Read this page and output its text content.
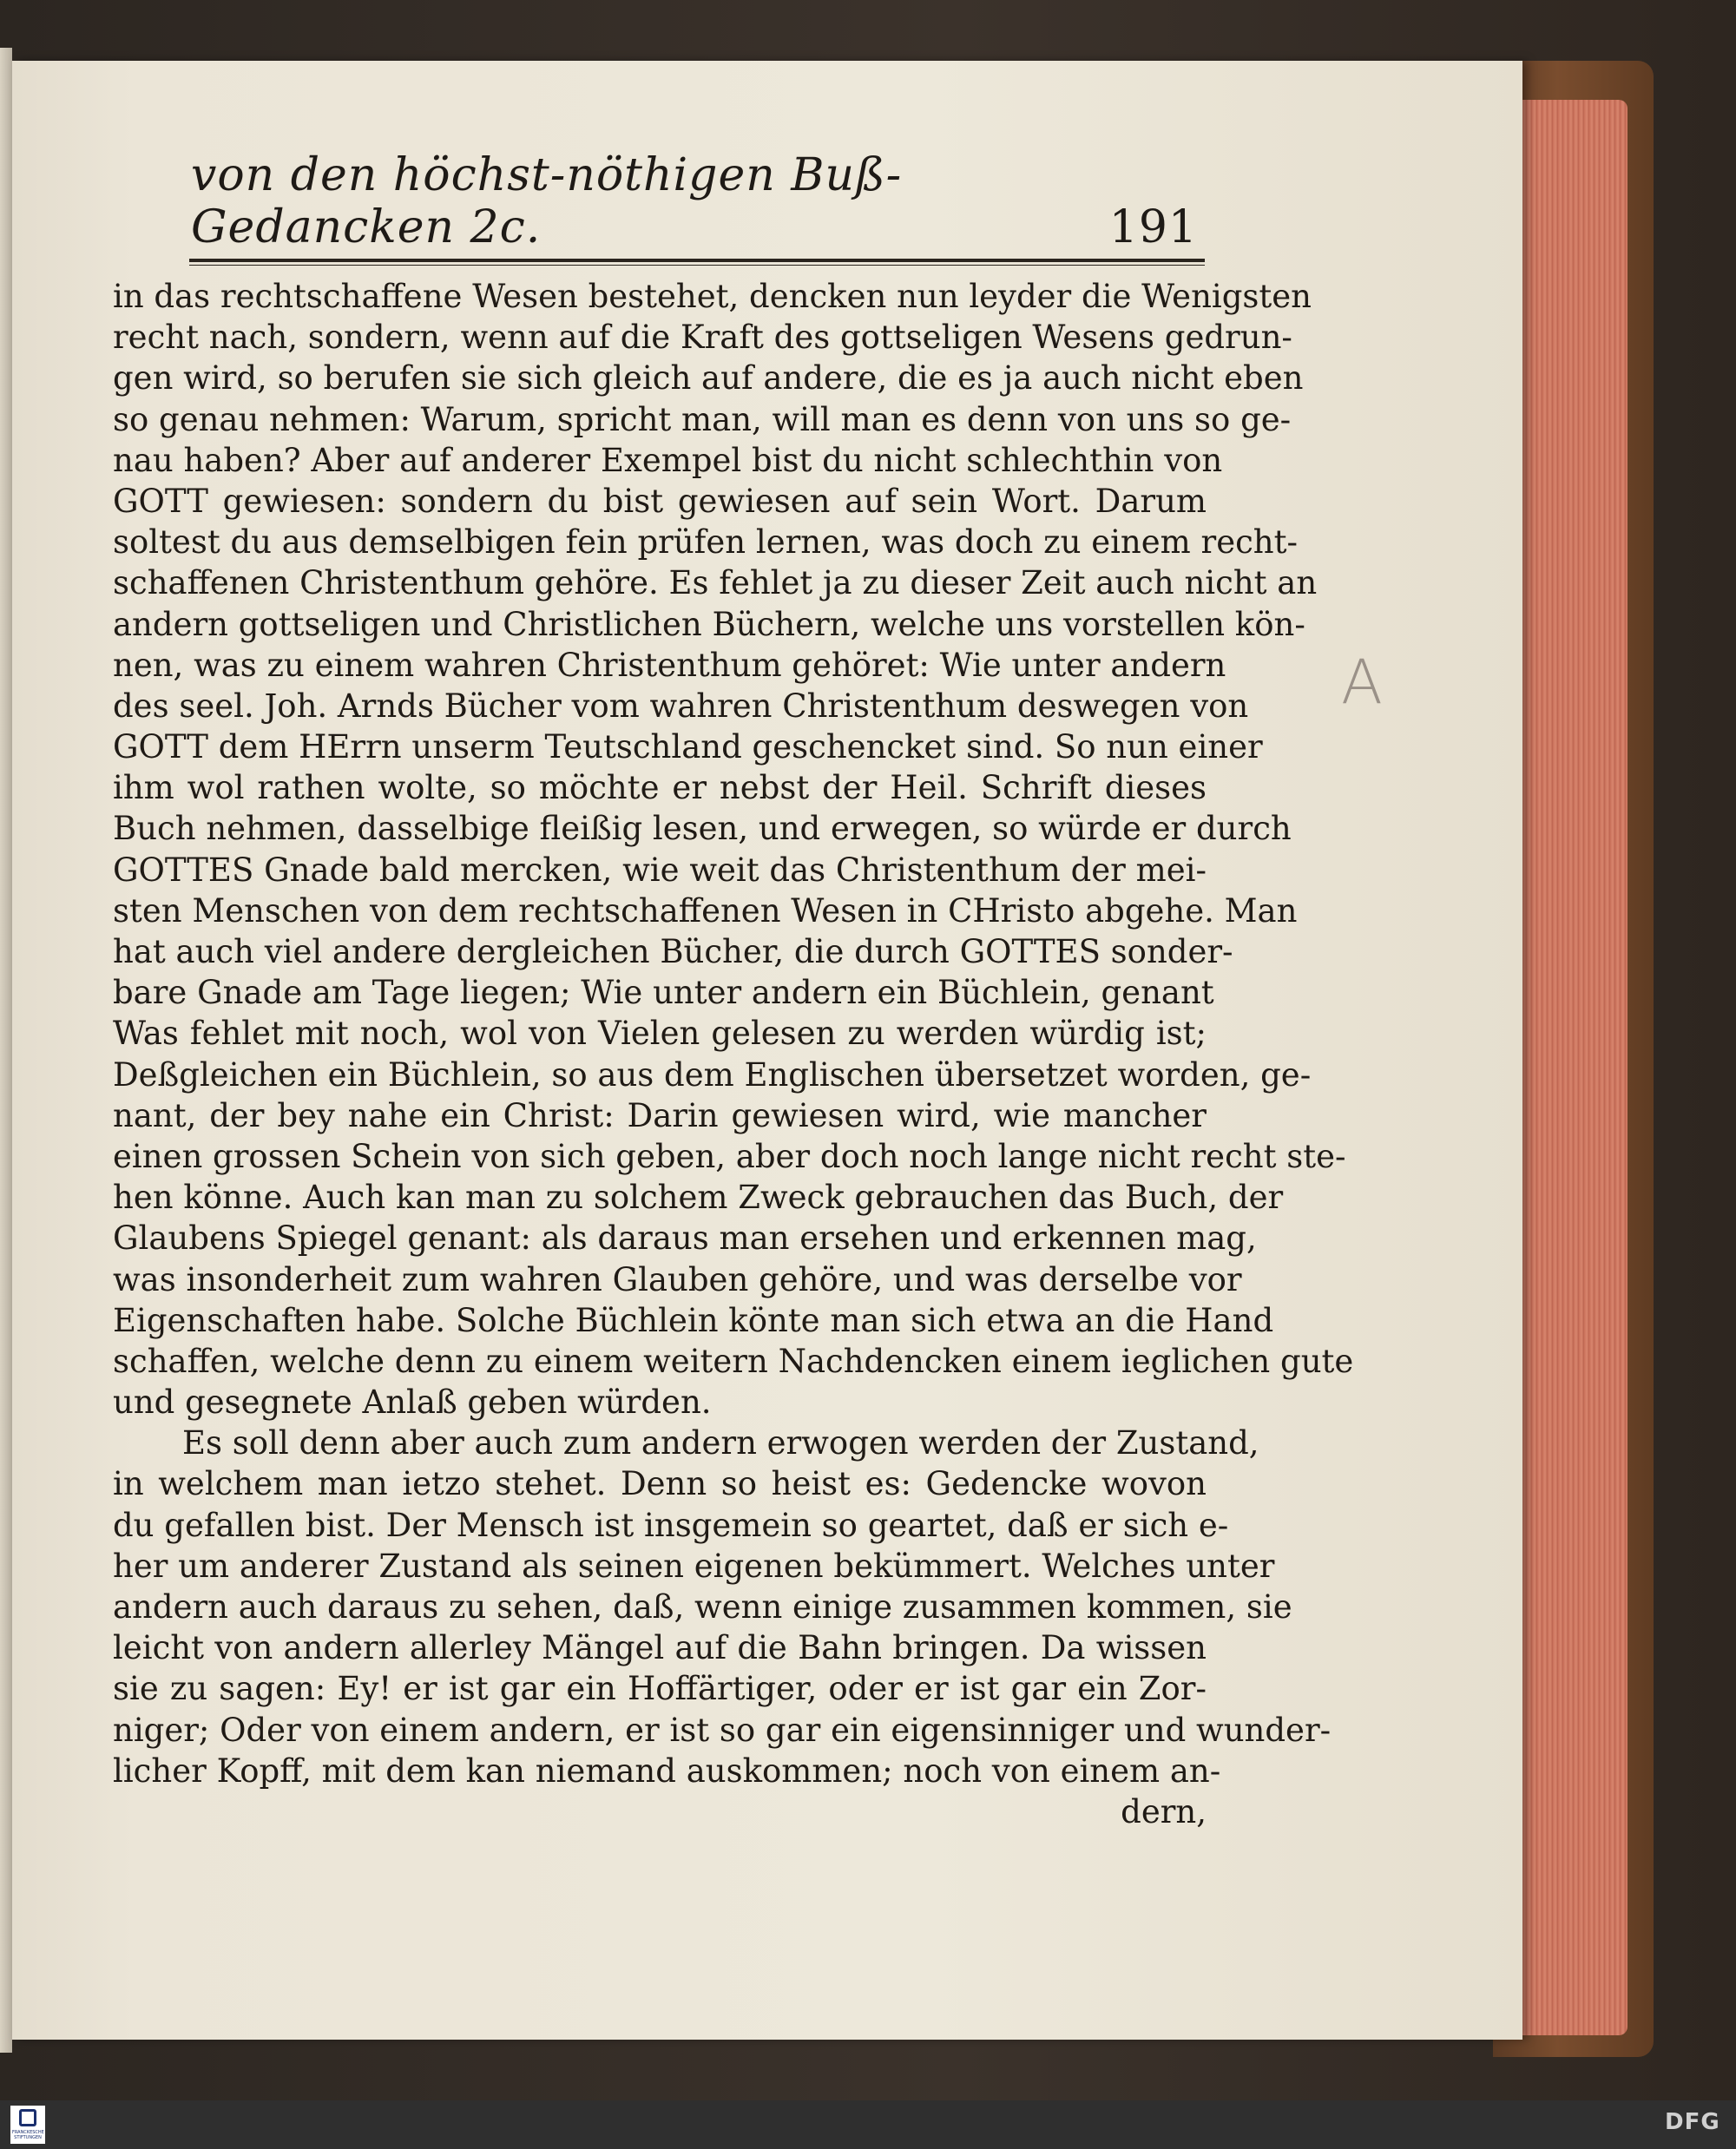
von den höchst-nöthigen Buß-Gedancken 2c.	191
in das rechtschaffene Wesen bestehet, dencken nun leyder die Wenigsten
recht nach, sondern, wenn auf die Kraft des gottseligen Wesens gedrun-
gen wird, so berufen sie sich gleich auf andere, die es ja auch nicht eben
so genau nehmen: Warum, spricht man, will man es denn von uns so ge-
nau haben? Aber auf anderer Exempel bist du nicht schlechthin von
GOTT gewiesen: sondern du bist gewiesen auf sein Wort. Darum
soltest du aus demselbigen fein prüfen lernen, was doch zu einem recht-
schaffenen Christenthum gehöre. Es fehlet ja zu dieser Zeit auch nicht an
andern gottseligen und Christlichen Büchern, welche uns vorstellen kön-
nen, was zu einem wahren Christenthum gehöret: Wie unter andern
des seel. Joh. Arnds Bücher vom wahren Christenthum deswegen von
GOTT dem HErrn unserm Teutschland geschencket sind. So nun einer
ihm wol rathen wolte, so möchte er nebst der Heil. Schrift dieses
Buch nehmen, dasselbige fleißig lesen, und erwegen, so würde er durch
GOTTES Gnade bald mercken, wie weit das Christenthum der mei-
sten Menschen von dem rechtschaffenen Wesen in CHristo abgehe. Man
hat auch viel andere dergleichen Bücher, die durch GOTTES sonder-
bare Gnade am Tage liegen; Wie unter andern ein Büchlein, genant
Was fehlet mit noch, wol von Vielen gelesen zu werden würdig ist;
Deßgleichen ein Büchlein, so aus dem Englischen übersetzet worden, ge-
nant, der bey nahe ein Christ: Darin gewiesen wird, wie mancher
einen grossen Schein von sich geben, aber doch noch lange nicht recht ste-
hen könne. Auch kan man zu solchem Zweck gebrauchen das Buch, der
Glaubens Spiegel genant: als daraus man ersehen und erkennen mag,
was insonderheit zum wahren Glauben gehöre, und was derselbe vor
Eigenschaften habe. Solche Büchlein könte man sich etwa an die Hand
schaffen, welche denn zu einem weitern Nachdencken einem ieglichen gute
und gesegnete Anlaß geben würden.
Es soll denn aber auch zum andern erwogen werden der Zustand,
in welchem man ietzo stehet. Denn so heist es: Gedencke wovon
du gefallen bist. Der Mensch ist insgemein so geartet, daß er sich e-
her um anderer Zustand als seinen eigenen bekümmert. Welches unter
andern auch daraus zu sehen, daß, wenn einige zusammen kommen, sie
leicht von andern allerley Mängel auf die Bahn bringen. Da wissen
sie zu sagen: Ey! er ist gar ein Hoffärtiger, oder er ist gar ein Zor-
niger; Oder von einem andern, er ist so gar ein eigensinniger und wunder-
licher Kopff, mit dem kan niemand auskommen; noch von einem an-
dern,
A
FRANCKESCHE STIFTUNGEN
DFG
